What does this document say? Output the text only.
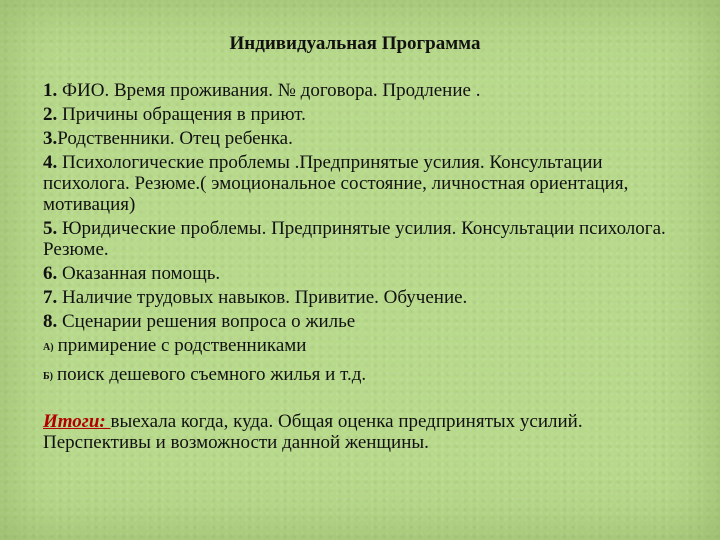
Индивидуальная Программа
1. ФИО. Время проживания. № договора. Продление .
2. Причины обращения в приют.
3.Родственники. Отец ребенка.
4. Психологические проблемы .Предпринятые усилия. Консультации психолога. Резюме.( эмоциональное состояние, личностная ориентация, мотивация)
5. Юридические проблемы. Предпринятые усилия. Консультации психолога. Резюме.
6. Оказанная помощь.
7. Наличие трудовых навыков. Привитие. Обучение.
8. Сценарии решения вопроса о жилье
А) примирение с родственниками
Б) поиск дешевого съемного жилья и т.д.
Итоги: выехала когда, куда. Общая оценка предпринятых усилий. Перспективы и возможности данной женщины.
